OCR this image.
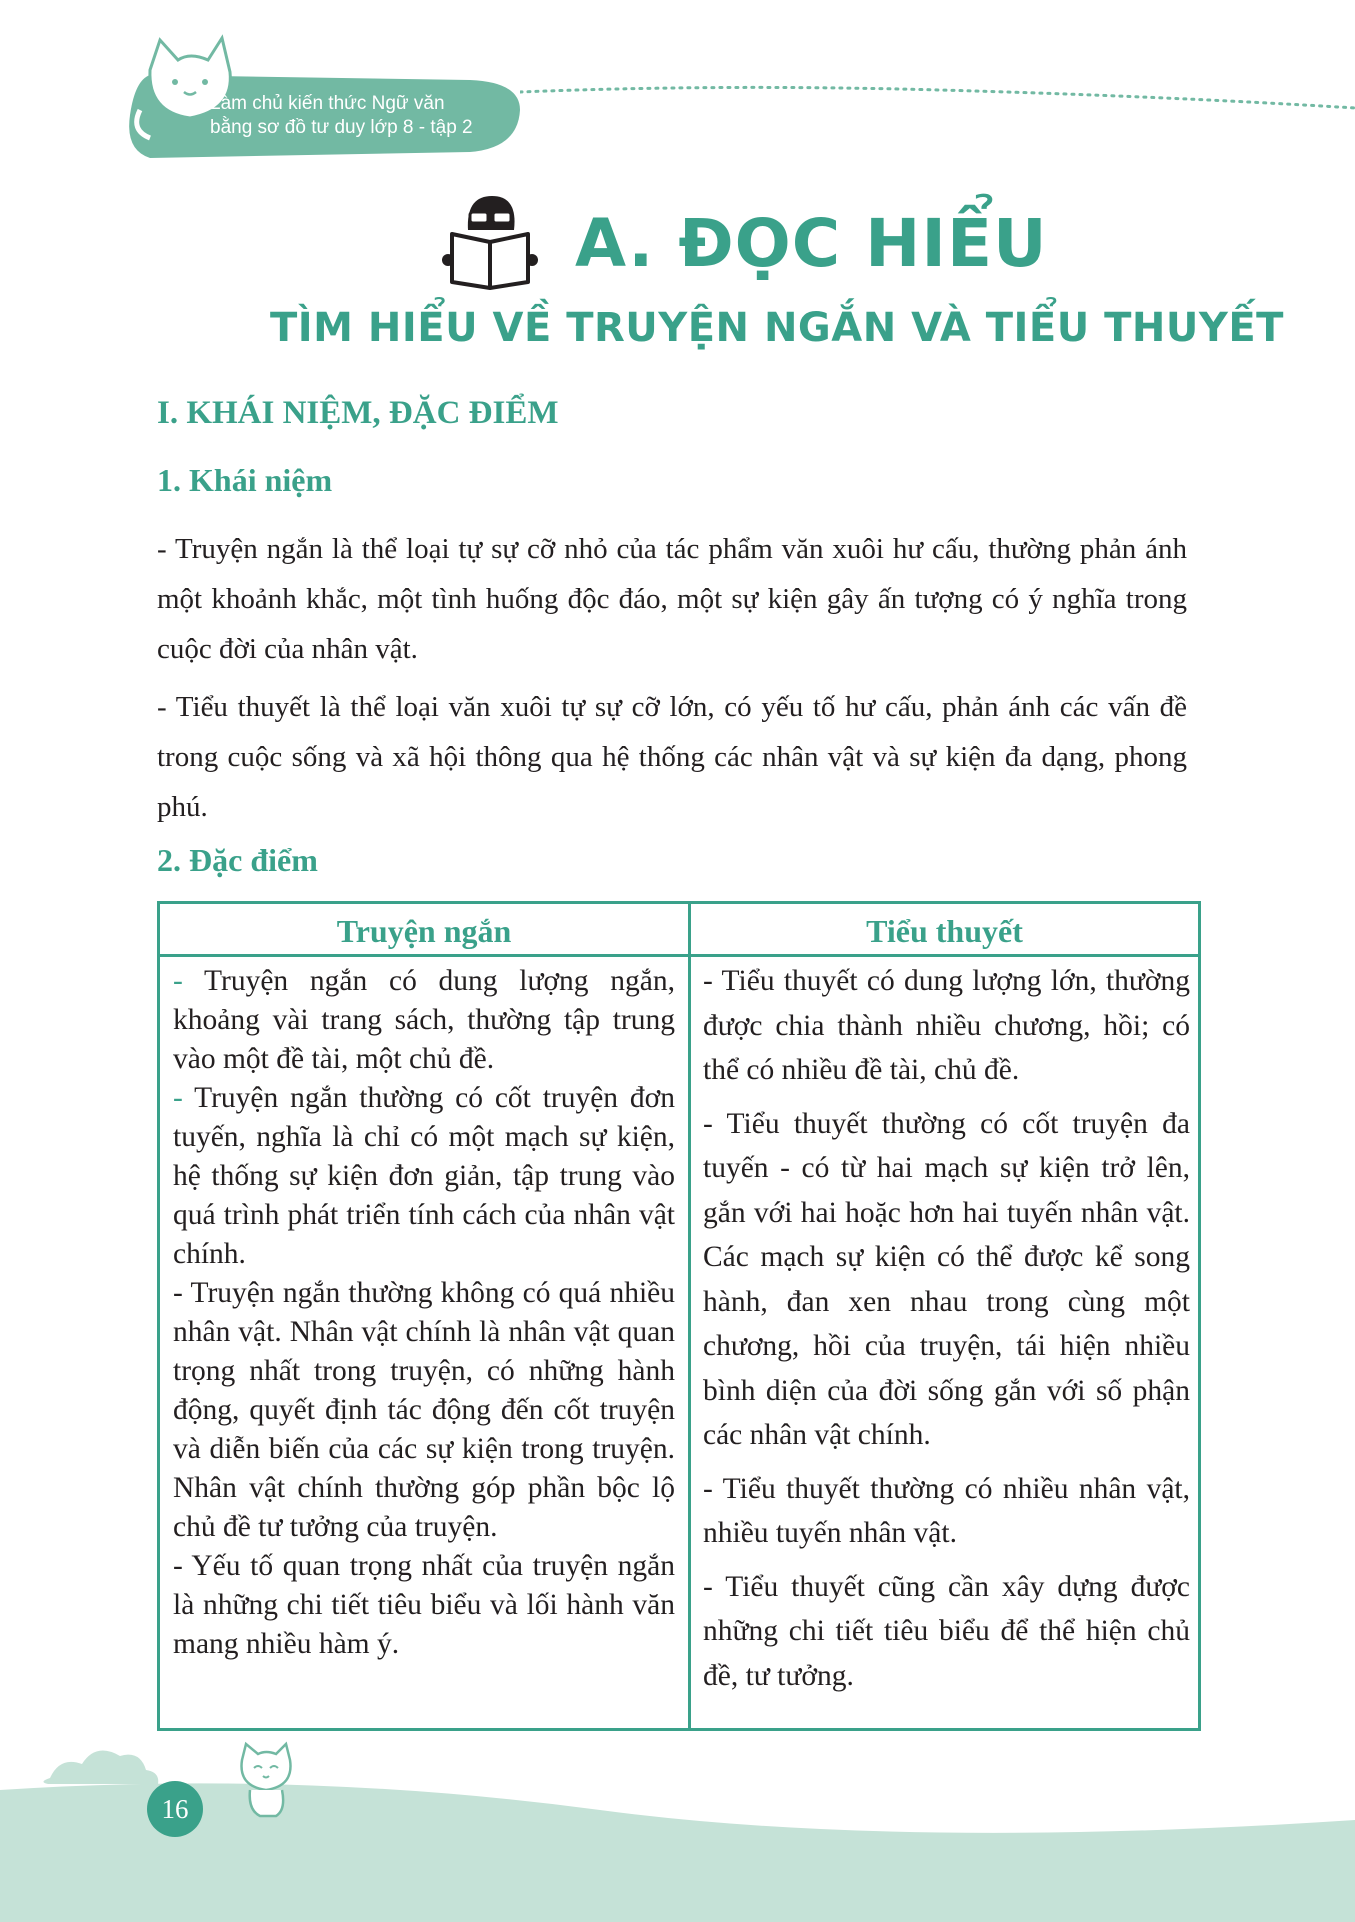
Làm chủ kiến thức Ngữ văn
bằng sơ đồ tư duy lớp 8 - tập 2
A. ĐỌC HIỂU
TÌM HIỂU VỀ TRUYỆN NGẮN VÀ TIỂU THUYẾT
I. KHÁI NIỆM, ĐẶC ĐIỂM
1. Khái niệm
- Truyện ngắn là thể loại tự sự cỡ nhỏ của tác phẩm văn xuôi hư cấu, thường phản ánh một khoảnh khắc, một tình huống độc đáo, một sự kiện gây ấn tượng có ý nghĩa trong cuộc đời của nhân vật.
- Tiểu thuyết là thể loại văn xuôi tự sự cỡ lớn, có yếu tố hư cấu, phản ánh các vấn đề trong cuộc sống và xã hội thông qua hệ thống các nhân vật và sự kiện đa dạng, phong phú.
2. Đặc điểm
Truyện ngắn	Tiểu thuyết

- Truyện ngắn có dung lượng ngắn, khoảng vài trang sách, thường tập trung vào một đề tài, một chủ đề.

- Truyện ngắn thường có cốt truyện đơn tuyến, nghĩa là chỉ có một mạch sự kiện, hệ thống sự kiện đơn giản, tập trung vào quá trình phát triển tính cách của nhân vật chính.

- Truyện ngắn thường không có quá nhiều nhân vật. Nhân vật chính là nhân vật quan trọng nhất trong truyện, có những hành động, quyết định tác động đến cốt truyện và diễn biến của các sự kiện trong truyện. Nhân vật chính thường góp phần bộc lộ chủ đề tư tưởng của truyện.

- Yếu tố quan trọng nhất của truyện ngắn là những chi tiết tiêu biểu và lối hành văn mang nhiều hàm ý.

- Tiểu thuyết có dung lượng lớn, thường được chia thành nhiều chương, hồi; có thể có nhiều đề tài, chủ đề.

- Tiểu thuyết thường có cốt truyện đa tuyến - có từ hai mạch sự kiện trở lên, gắn với hai hoặc hơn hai tuyến nhân vật. Các mạch sự kiện có thể được kể song hành, đan xen nhau trong cùng một chương, hồi của truyện, tái hiện nhiều bình diện của đời sống gắn với số phận các nhân vật chính.

- Tiểu thuyết thường có nhiều nhân vật, nhiều tuyến nhân vật.

- Tiểu thuyết cũng cần xây dựng được những chi tiết tiêu biểu để thể hiện chủ đề, tư tưởng.

16
